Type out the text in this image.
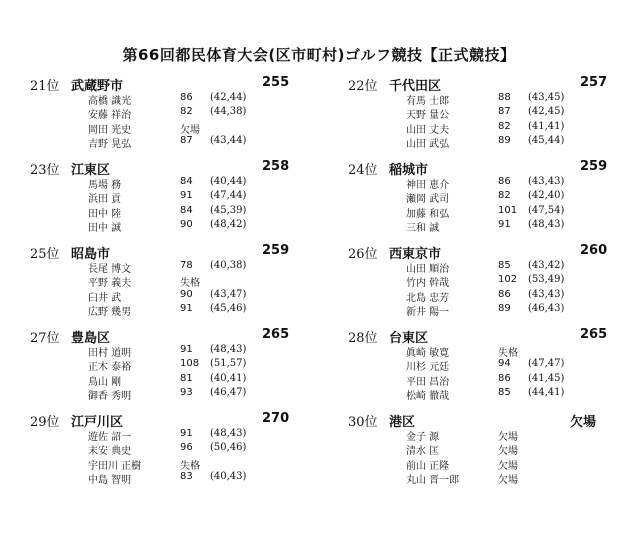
第66回都民体育大会(区市町村)ゴルフ競技【正式競技】
21位 武蔵野市	255
高橋 識光	86 (42,44)
安藤 祥治	82 (44,38)
岡田 光史	欠場
吉野 晃弘	87 (43,44)
23位 江東区	258
馬場 務	84 (40,44)
浜田 貢	91 (47,44)
田中 陸	84 (45,39)
田中 誠	90 (48,42)
25位 昭島市	259
長尾 博文	78 (40,38)
平野 義夫	失格
臼井 武	90 (43,47)
広野 幾男	91 (45,46)
27位 豊島区	265
田村 道明	91 (48,43)
正木 泰裕	108 (51,57)
鳥山 剛	81 (40,41)
御香 秀明	93 (46,47)
29位 江戸川区	270
遊佐 詔一	91 (48,43)
末安 典史	96 (50,46)
宇田川 正樹	失格
中島 智明	83 (40,43)
22位 千代田区	257
有馬 士郎	88 (43,45)
天野 量公	87 (42,45)
山田 丈夫	82 (41,41)
山田 武弘	89 (45,44)
24位 稲城市	259
神田 恵介	86 (43,43)
瀬岡 武司	82 (42,40)
加藤 和弘	101 (47,54)
三和 誠	91 (48,43)
26位 西東京市	260
山田 順治	85 (43,42)
竹内 幹哉	102 (53,49)
北島 忠芳	86 (43,43)
新井 陽一	89 (46,43)
28位 台東区	265
眞崎 敏寛	失格
川杉 元廷	94 (47,47)
平田 昌治	86 (41,45)
松崎 徹哉	85 (44,41)
30位 港区	欠場
金子 源	欠場
清水 匡	欠場
前山 正隆	欠場
丸山 晋一郎	欠場
